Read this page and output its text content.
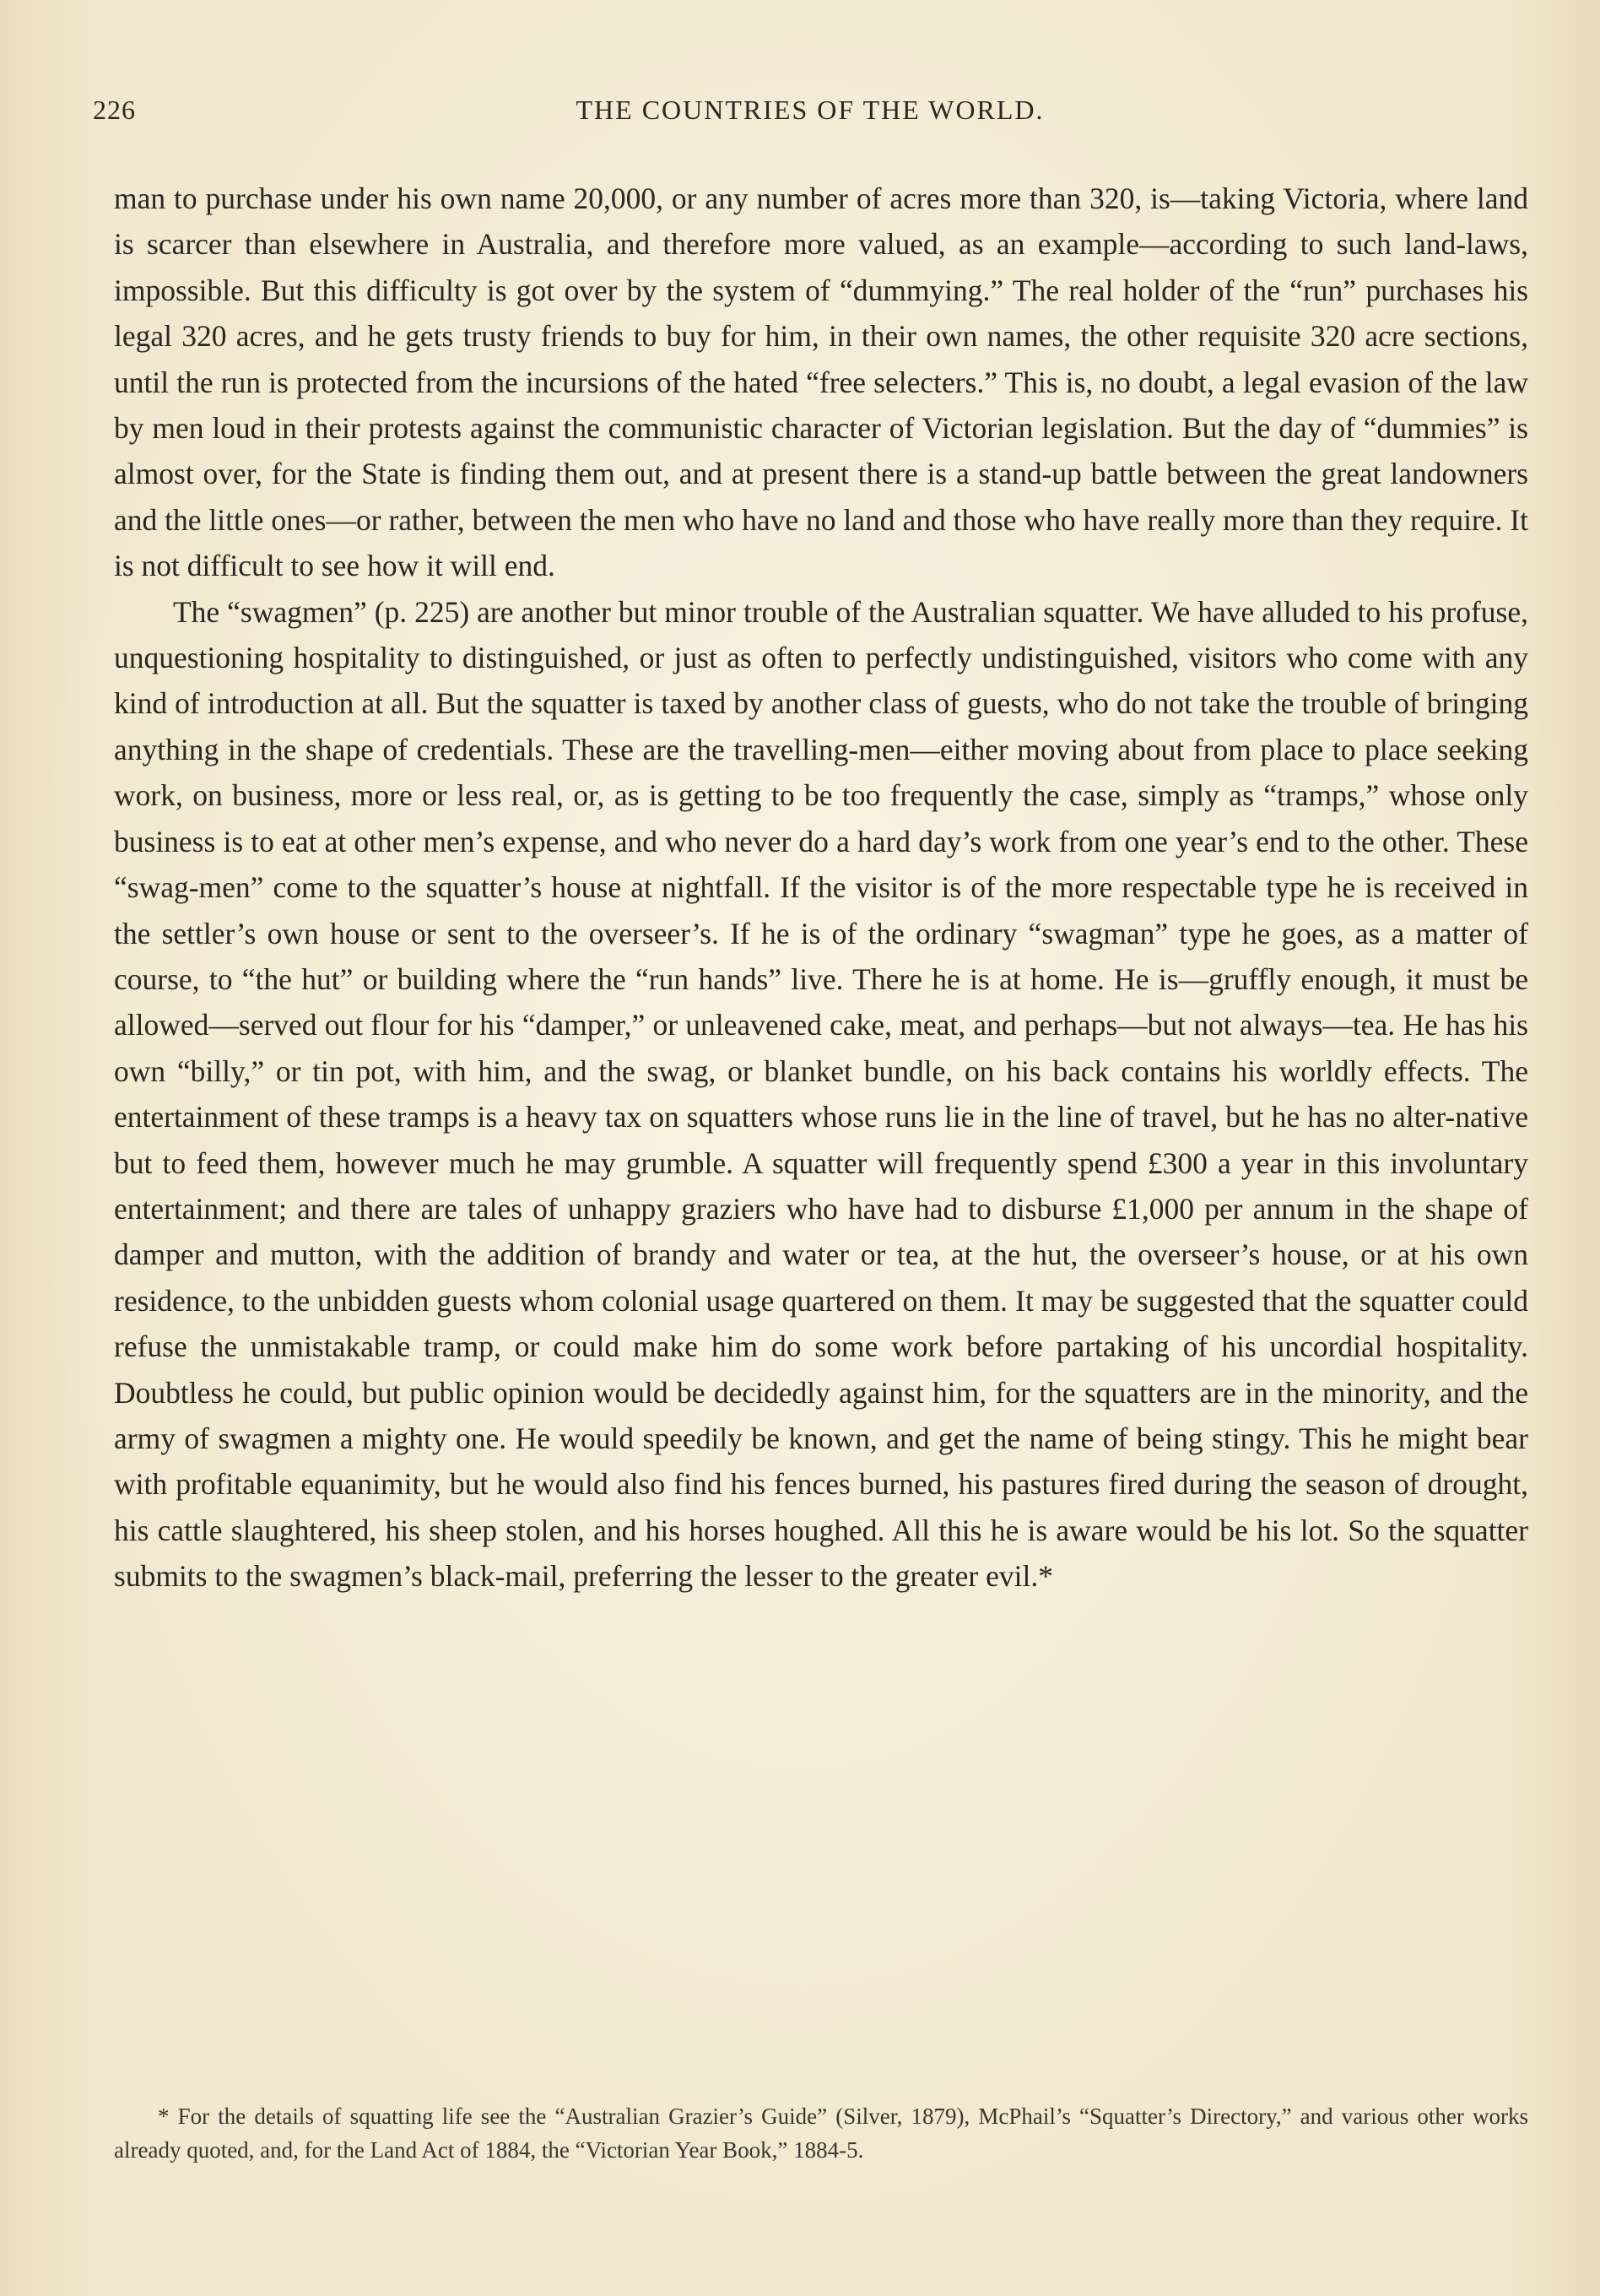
226	THE COUNTRIES OF THE WORLD.

man to purchase under his own name 20,000, or any number of acres more than 320, is—taking Victoria, where land is scarcer than elsewhere in Australia, and therefore more valued, as an example—according to such land-laws, impossible. But this difficulty is got over by the system of “dummying.” The real holder of the “run” purchases his legal 320 acres, and he gets trusty friends to buy for him, in their own names, the other requisite 320 acre sections, until the run is protected from the incursions of the hated “free selecters.” This is, no doubt, a legal evasion of the law by men loud in their protests against the communistic character of Victorian legislation. But the day of “dummies” is almost over, for the State is finding them out, and at present there is a stand-up battle between the great landowners and the little ones—or rather, between the men who have no land and those who have really more than they require. It is not difficult to see how it will end.

The “swagmen” (p. 225) are another but minor trouble of the Australian squatter. We have alluded to his profuse, unquestioning hospitality to distinguished, or just as often to perfectly undistinguished, visitors who come with any kind of introduction at all. But the squatter is taxed by another class of guests, who do not take the trouble of bringing anything in the shape of credentials. These are the travelling-men—either moving about from place to place seeking work, on business, more or less real, or, as is getting to be too frequently the case, simply as “tramps,” whose only business is to eat at other men’s expense, and who never do a hard day’s work from one year’s end to the other. These “swag-men” come to the squatter’s house at nightfall. If the visitor is of the more respectable type he is received in the settler’s own house or sent to the overseer’s. If he is of the ordinary “swagman” type he goes, as a matter of course, to “the hut” or building where the “run hands” live. There he is at home. He is—gruffly enough, it must be allowed—served out flour for his “damper,” or unleavened cake, meat, and perhaps—but not always—tea. He has his own “billy,” or tin pot, with him, and the swag, or blanket bundle, on his back contains his worldly effects. The entertainment of these tramps is a heavy tax on squatters whose runs lie in the line of travel, but he has no alter-native but to feed them, however much he may grumble. A squatter will frequently spend £300 a year in this involuntary entertainment; and there are tales of unhappy graziers who have had to disburse £1,000 per annum in the shape of damper and mutton, with the addition of brandy and water or tea, at the hut, the overseer’s house, or at his own residence, to the unbidden guests whom colonial usage quartered on them. It may be suggested that the squatter could refuse the unmistakable tramp, or could make him do some work before partaking of his uncordial hospitality. Doubtless he could, but public opinion would be decidedly against him, for the squatters are in the minority, and the army of swagmen a mighty one. He would speedily be known, and get the name of being stingy. This he might bear with profitable equanimity, but he would also find his fences burned, his pastures fired during the season of drought, his cattle slaughtered, his sheep stolen, and his horses houghed. All this he is aware would be his lot. So the squatter submits to the swagmen’s black-mail, preferring the lesser to the greater evil.*

* For the details of squatting life see the “Australian Grazier’s Guide” (Silver, 1879), McPhail’s “Squatter’s Directory,” and various other works already quoted, and, for the Land Act of 1884, the “Victorian Year Book,” 1884-5.
